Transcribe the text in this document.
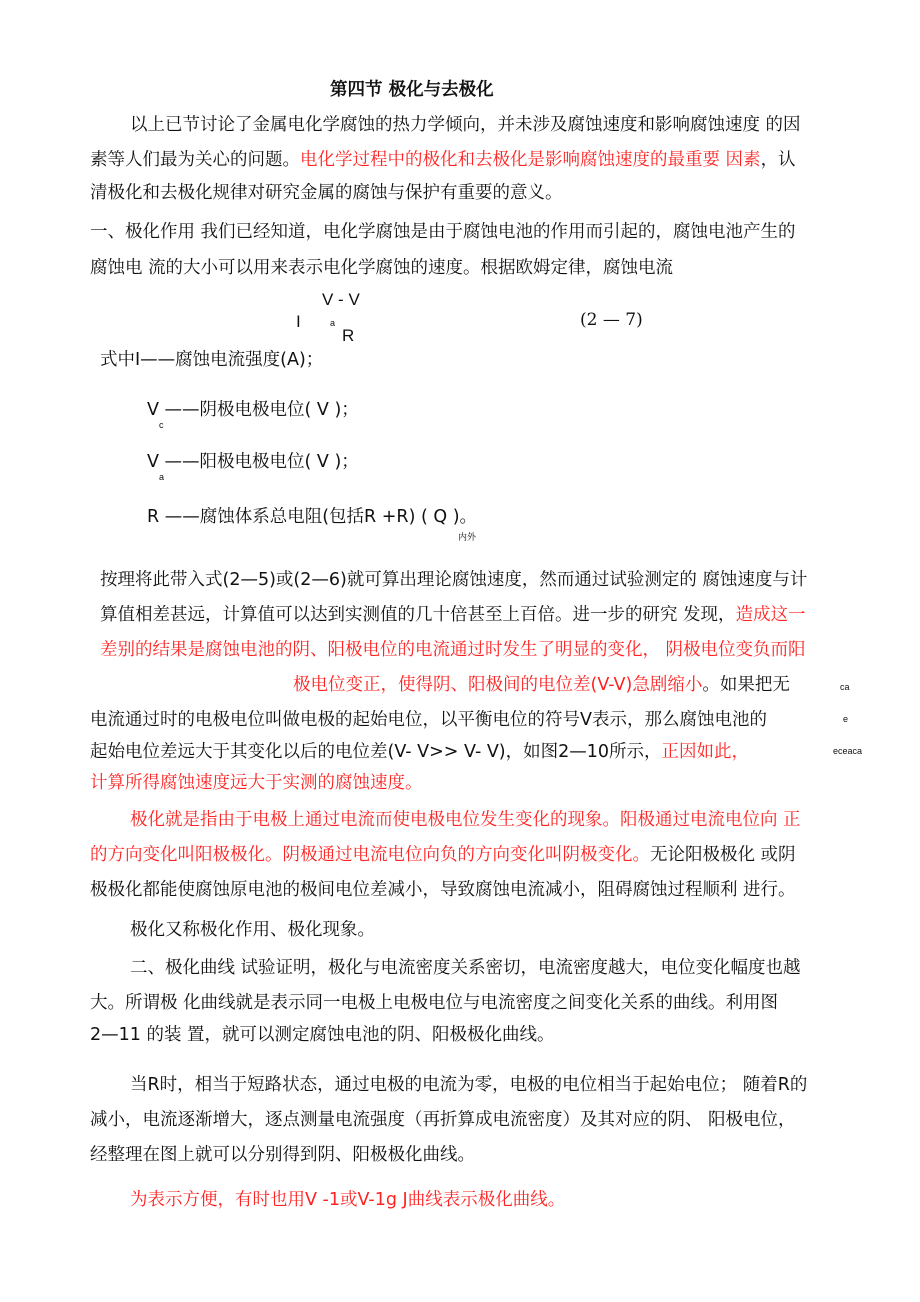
第四节 极化与去极化
以上已节讨论了金属电化学腐蚀的热力学倾向，并未涉及腐蚀速度和影响腐蚀速度 的因
素等人们最为关心的问题。电化学过程中的极化和去极化是影响腐蚀速度的最重要 因素，认
清极化和去极化规律对研究金属的腐蚀与保护有重要的意义。
一、极化作用 我们已经知道，电化学腐蚀是由于腐蚀电池的作用而引起的，腐蚀电池产生的
腐蚀电 流的大小可以用来表示电化学腐蚀的速度。根据欧姆定律，腐蚀电流
式中I——腐蚀电流强度(A)；
V ——阴极电极电位( V )；
V ——阳极电极电位( V )；
R ——腐蚀体系总电阻(包括R +R) ( Q )。
按理将此带入式(2—5)或(2—6)就可算出理论腐蚀速度，然而通过试验测定的 腐蚀速度与计
算值相差甚远，计算值可以达到实测值的几十倍甚至上百倍。进一步的研究 发现，造成这一
差别的结果是腐蚀电池的阴、阳极电位的电流通过时发生了明显的变化， 阴极电位变负而阳
极电位变正，使得阴、阳极间的电位差(V-V)急剧缩小。如果把无
电流通过时的电极电位叫做电极的起始电位，以平衡电位的符号V表示，那么腐蚀电池的
起始电位差远大于其变化以后的电位差(V- V>> V- V)，如图2—10所示，正因如此，
计算所得腐蚀速度远大于实测的腐蚀速度。
极化就是指由于电极上通过电流而使电极电位发生变化的现象。阳极通过电流电位向 正
的方向变化叫阳极极化。阴极通过电流电位向负的方向变化叫阴极变化。无论阳极极化 或阴
极极化都能使腐蚀原电池的极间电位差减小，导致腐蚀电流减小，阻碍腐蚀过程顺利 进行。
极化又称极化作用、极化现象。
二、极化曲线 试验证明，极化与电流密度关系密切，电流密度越大，电位变化幅度也越
大。所谓极 化曲线就是表示同一电极上电极电位与电流密度之间变化关系的曲线。利用图
2—11 的装 置，就可以测定腐蚀电池的阴、阳极极化曲线。
当R时，相当于短路状态，通过电极的电流为零，电极的电位相当于起始电位； 随着R的
减小，电流逐渐增大，逐点测量电流强度（再折算成电流密度）及其对应的阴、 阳极电位，
经整理在图上就可以分别得到阴、阳极极化曲线。
为表示方便，有时也用V -1或V-1g J曲线表示极化曲线。
V - V
I
R
a	(2 — 7)
c
a
内外
ca
e
eceaca
